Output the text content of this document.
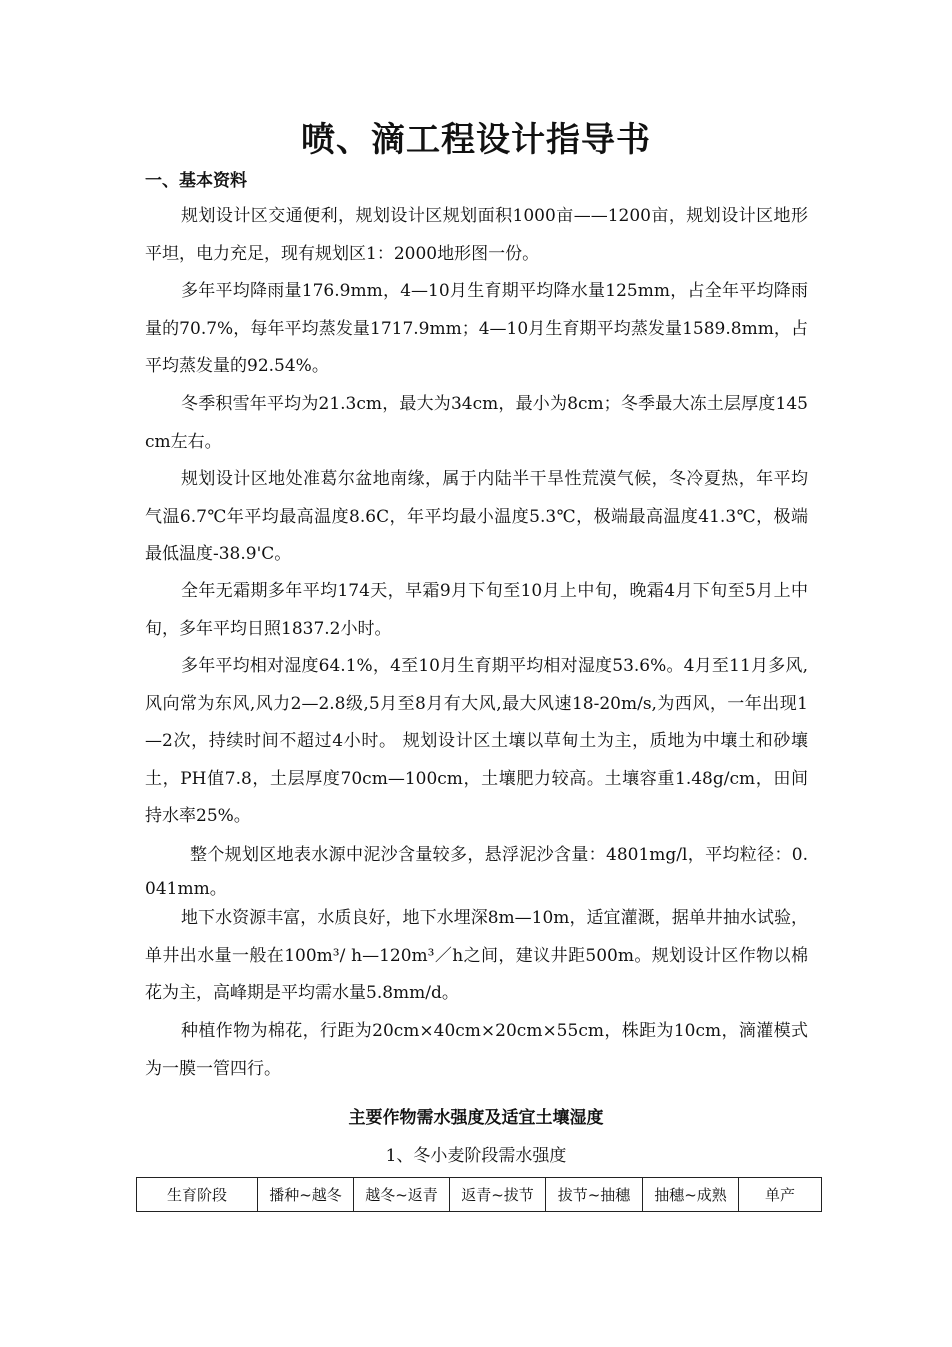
喷、滴工程设计指导书
一、基本资料
规划设计区交通便利，规划设计区规划面积1000亩——1200亩，规划设计区地形平坦，电力充足，现有规划区1：2000地形图一份。
多年平均降雨量176.9mm，4—10月生育期平均降水量125mm，占全年平均降雨量的70.7%，每年平均蒸发量1717.9mm；4—10月生育期平均蒸发量1589.8mm，占平均蒸发量的92.54%。
冬季积雪年平均为21.3cm，最大为34cm，最小为8cm；冬季最大冻土层厚度145cm左右。
规划设计区地处准葛尔盆地南缘，属于内陆半干旱性荒漠气候，冬冷夏热，年平均气温6.7℃年平均最高温度8.6C，年平均最小温度5.3℃，极端最高温度41.3℃，极端最低温度-38.9'C。
全年无霜期多年平均174天，早霜9月下旬至10月上中旬，晚霜4月下旬至5月上中旬，多年平均日照1837.2小时。
多年平均相对湿度64.1%，4至10月生育期平均相对湿度53.6%。4月至11月多风,风向常为东风,风力2—2.8级,5月至8月有大风,最大风速18-20m/s,为西风，一年出现1—2次，持续时间不超过4小时。 规划设计区土壤以草甸土为主，质地为中壤土和砂壤土，PH值7.8，土层厚度70cm—100cm，土壤肥力较高。土壤容重1.48g/cm，田间持水率25%。
整个规划区地表水源中泥沙含量较多，悬浮泥沙含量：4801mg/l，平均粒径：0.041mm。
地下水资源丰富，水质良好，地下水埋深8m—10m，适宜灌溉，据单井抽水试验，单井出水量一般在100m³/ h—120m³／h之间，建议井距500m。规划设计区作物以棉花为主，高峰期是平均需水量5.8mm/d。
种植作物为棉花，行距为20cm×40cm×20cm×55cm，株距为10cm，滴灌模式为一膜一管四行。
主要作物需水强度及适宜土壤湿度
1、冬小麦阶段需水强度
生育阶段	播种~越冬	越冬~返青	返青~拔节	拔节~抽穗	抽穗~成熟	单产
